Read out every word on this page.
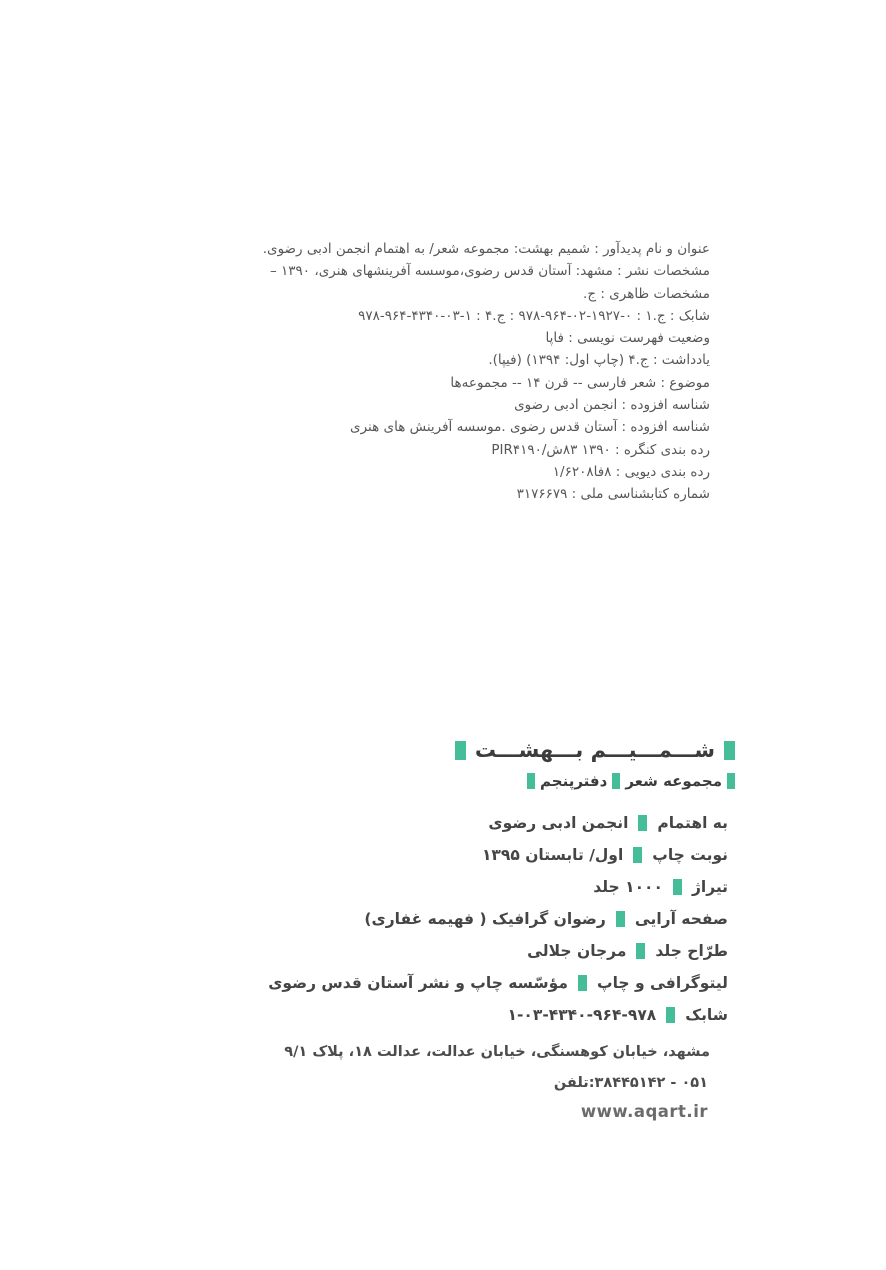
عنوان و نام پدیدآور : شمیم بهشت: مجموعه شعر/ به اهتمام انجمن ادبی رضوی.
مشخصات نشر : مشهد: آستان قدس رضوی،موسسه آفرینشهای هنری، ۱۳۹۰ –
مشخصات ظاهری : ج.
شابک : ج.۱ : ۹۷۸-۹۶۴-۰۲-۱۹۲۷-۰ : ج.۴ : ۹۷۸-۹۶۴-۴۳۴۰-۰۳-۱
وضعیت فهرست نویسی : فاپا
یادداشت : ج.۴ (چاپ اول: ۱۳۹۴) (فیپا).
موضوع : شعر فارسی -- قرن ۱۴ -- مجموعه‌ها
شناسه افزوده : انجمن ادبی رضوی
شناسه افزوده : آستان قدس رضوی .موسسه آفرینش های هنری
رده بندی کنگره : PIR۴۱۹۰/ش۸۳ ۱۳۹۰
رده بندی دیویی : ۱/۶۲۰۸فا۸
شماره کتابشناسی ملی : ۳۱۷۶۶۷۹
شـــمـــیـــم بـــهشـــت
مجموعه شعر
دفترپنجم
به اهتمام
انجمن ادبی رضوی
نوبت چاپ
اول/ تابستان ۱۳۹۵
تیراژ
۱۰۰۰ جلد
صفحه آرایی
رضوان گرافیک ( فهیمه غفاری)
طرّاح جلد
مرجان جلالی
لیتوگرافی و چاپ
مؤسّسه چاپ و نشر آستان قدس رضوی
شابک
۱-۰۳-۴۳۴۰-۹۶۴-۹۷۸
مشهد، خیابان کوهسنگی، خیابان عدالت، عدالت ۱۸، پلاک ۹/۱
تلفن:۳۸۴۴۵۱۴۲ - ۰۵۱
www.aqart.ir
